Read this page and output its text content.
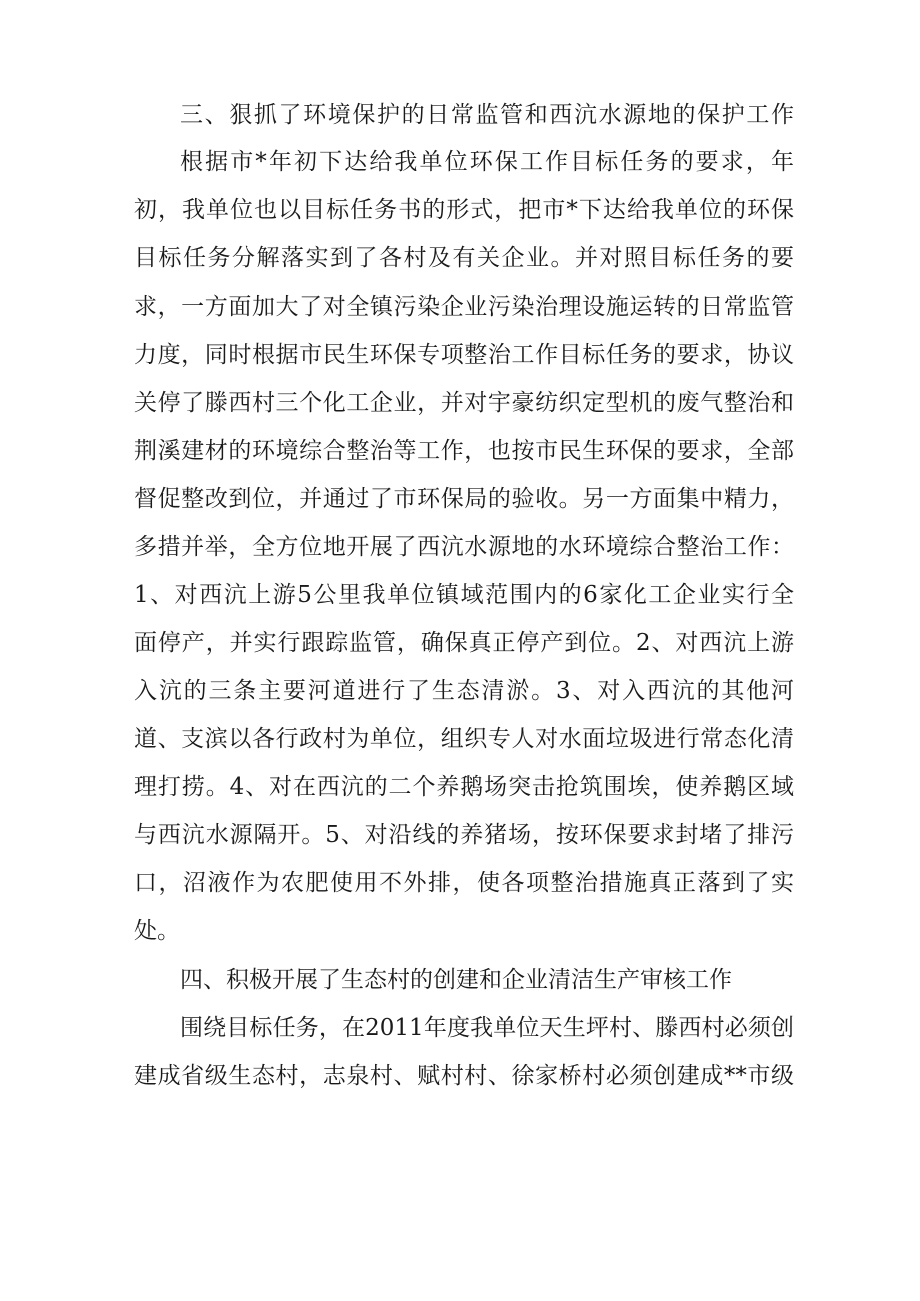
三、狠抓了环境保护的日常监管和西沆水源地的保护工作
根据市*年初下达给我单位环保工作目标任务的要求，年
初，我单位也以目标任务书的形式，把市*下达给我单位的环保
目标任务分解落实到了各村及有关企业。并对照目标任务的要
求，一方面加大了对全镇污染企业污染治理设施运转的日常监管
力度，同时根据市民生环保专项整治工作目标任务的要求，协议
关停了滕西村三个化工企业，并对宇豪纺织定型机的废气整治和
荆溪建材的环境综合整治等工作，也按市民生环保的要求，全部
督促整改到位，并通过了市环保局的验收。另一方面集中精力，
多措并举，全方位地开展了西沆水源地的水环境综合整治工作：
1、对西沆上游5公里我单位镇域范围内的6家化工企业实行全
面停产，并实行跟踪监管，确保真正停产到位。2、对西沆上游
入沆的三条主要河道进行了生态清淤。3、对入西沆的其他河
道、支滨以各行政村为单位，组织专人对水面垃圾进行常态化清
理打捞。4、对在西沆的二个养鹅场突击抢筑围埃，使养鹅区域
与西沆水源隔开。5、对沿线的养猪场，按环保要求封堵了排污
口，沼液作为农肥使用不外排，使各项整治措施真正落到了实
处。
四、积极开展了生态村的创建和企业清洁生产审核工作
围绕目标任务，在2011年度我单位天生坪村、滕西村必须创
建成省级生态村，志泉村、赋村村、徐家桥村必须创建成**市级
